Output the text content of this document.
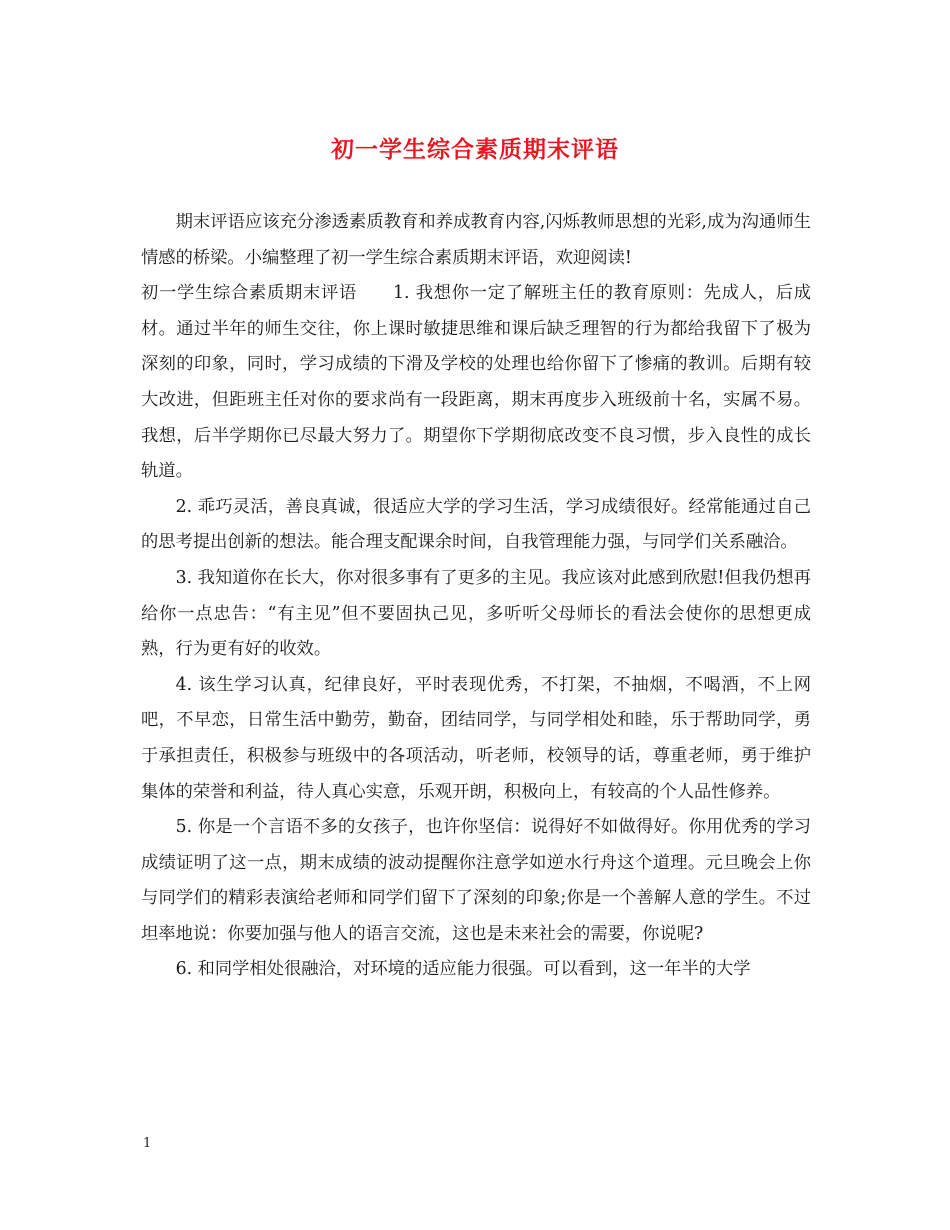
初一学生综合素质期末评语

期末评语应该充分渗透素质教育和养成教育内容,闪烁教师思想的光彩,成为沟通师生情感的桥梁。小编整理了初一学生综合素质期末评语，欢迎阅读!

初一学生综合素质期末评语 1. 我想你一定了解班主任的教育原则：先成人，后成材。通过半年的师生交往，你上课时敏捷思维和课后缺乏理智的行为都给我留下了极为深刻的印象，同时，学习成绩的下滑及学校的处理也给你留下了惨痛的教训。后期有较大改进，但距班主任对你的要求尚有一段距离，期末再度步入班级前十名，实属不易。我想，后半学期你已尽最大努力了。期望你下学期彻底改变不良习惯，步入良性的成长轨道。

2. 乖巧灵活，善良真诚，很适应大学的学习生活，学习成绩很好。经常能通过自己的思考提出创新的想法。能合理支配课余时间，自我管理能力强，与同学们关系融洽。

3. 我知道你在长大，你对很多事有了更多的主见。我应该对此感到欣慰!但我仍想再给你一点忠告：“有主见”但不要固执己见，多听听父母师长的看法会使你的思想更成熟，行为更有好的收效。

4. 该生学习认真，纪律良好，平时表现优秀，不打架，不抽烟，不喝酒，不上网吧，不早恋，日常生活中勤劳，勤奋，团结同学，与同学相处和睦，乐于帮助同学，勇于承担责任，积极参与班级中的各项活动，听老师，校领导的话，尊重老师，勇于维护集体的荣誉和利益，待人真心实意，乐观开朗，积极向上，有较高的个人品性修养。

5. 你是一个言语不多的女孩子，也许你坚信：说得好不如做得好。你用优秀的学习成绩证明了这一点，期末成绩的波动提醒你注意学如逆水行舟这个道理。元旦晚会上你与同学们的精彩表演给老师和同学们留下了深刻的印象;你是一个善解人意的学生。不过坦率地说：你要加强与他人的语言交流，这也是未来社会的需要，你说呢?

6. 和同学相处很融洽，对环境的适应能力很强。可以看到，这一年半的大学

1
